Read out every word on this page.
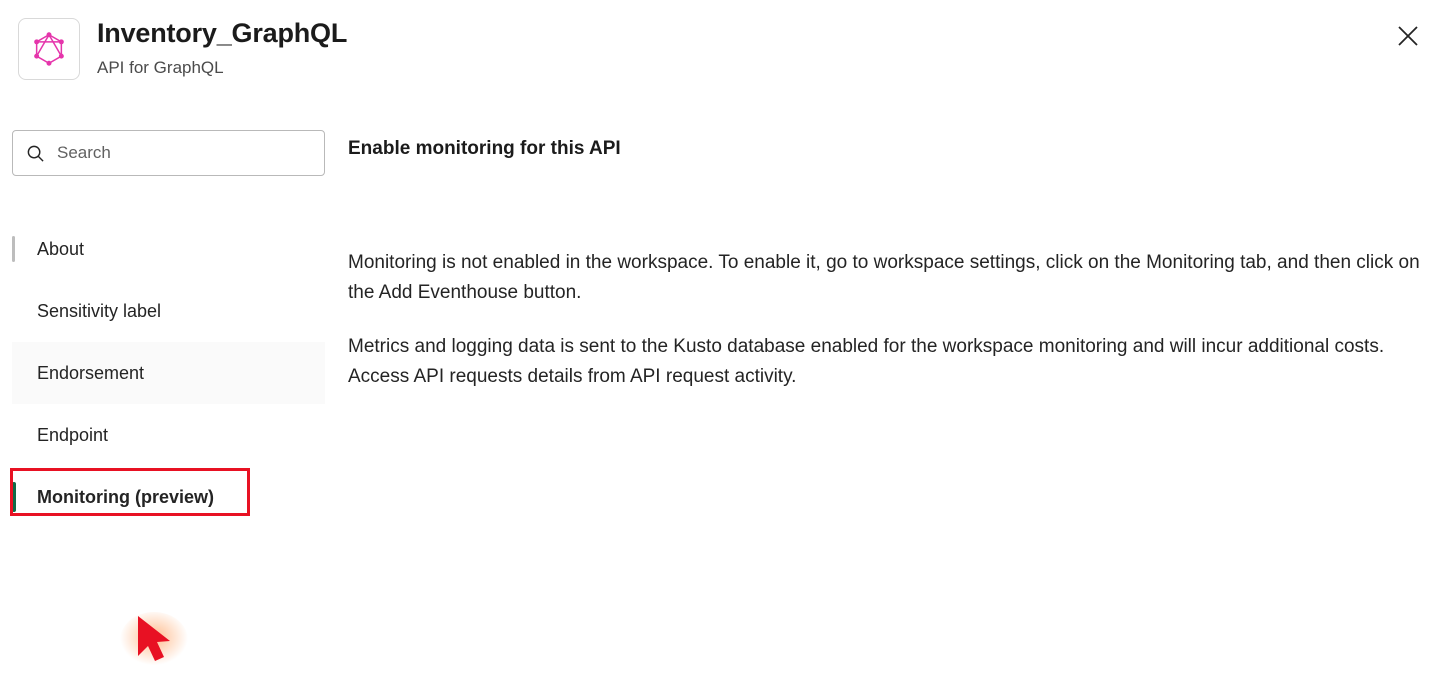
Inventory_GraphQL
API for GraphQL
Search
About
Sensitivity label
Endorsement
Endpoint
Monitoring (preview)
Enable monitoring for this API

Monitoring is not enabled in the workspace. To enable it, go to workspace settings, click on the Monitoring tab, and then click on the Add Eventhouse button.

Metrics and logging data is sent to the Kusto database enabled for the workspace monitoring and will incur additional costs. Access API requests details from API request activity.
